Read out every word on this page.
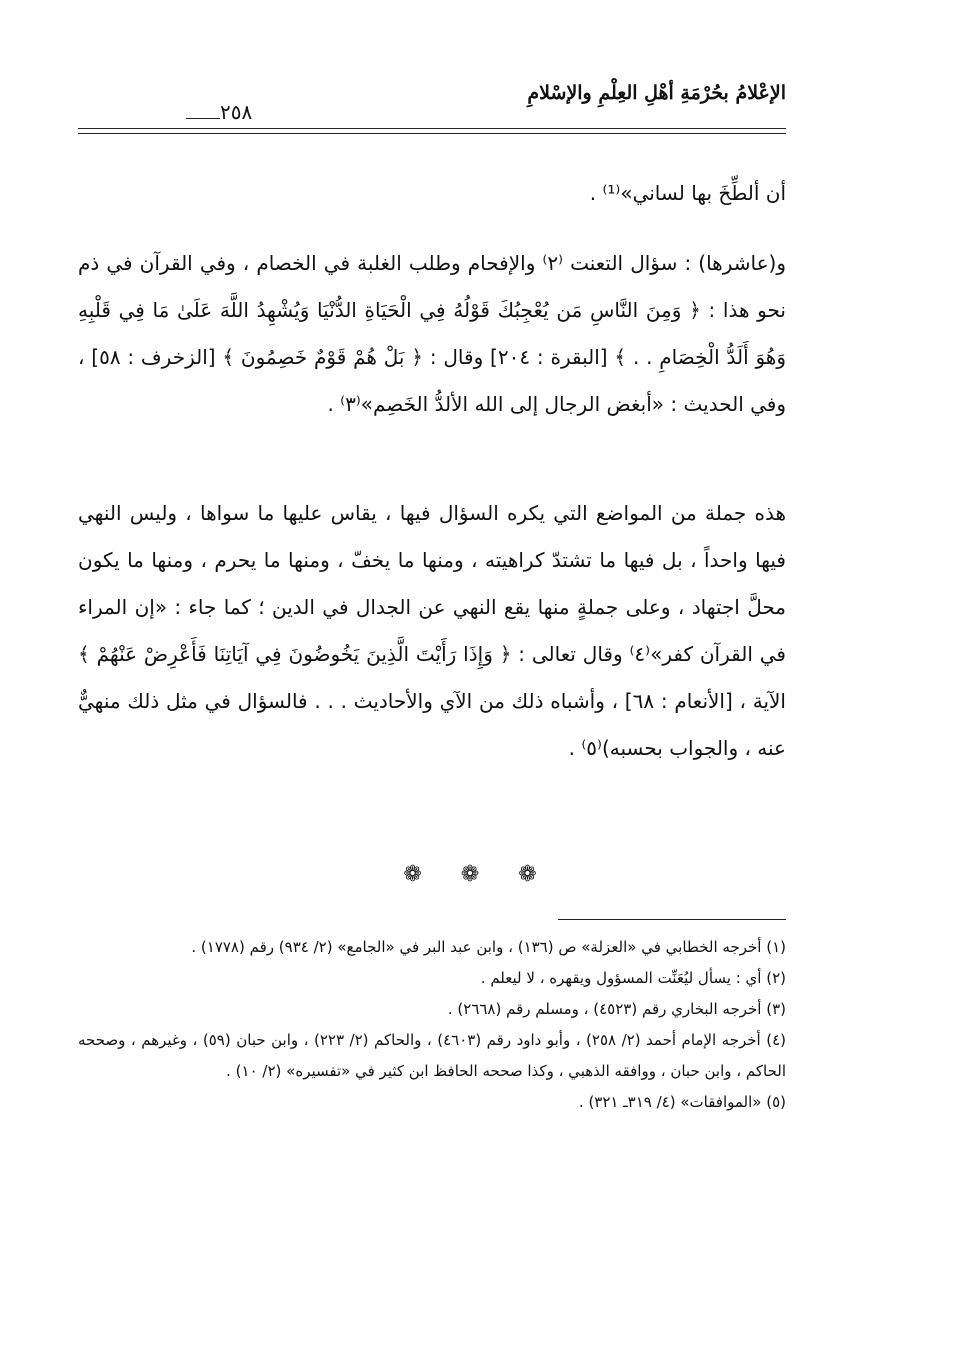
الإعْلامُ بحُرْمَةِ أهْلِ العِلْمِ والإسْلامِ
٢٥٨
أن ألطِّخَ بها لساني»⁽¹⁾ .
و(عاشرها) : سؤال التعنت ⁽٢⁾ والإفحام وطلب الغلبة في الخصام ، وفي القرآن في ذم نحو هذا : ﴿ وَمِنَ النَّاسِ مَن يُعْجِبُكَ قَوْلُهُ فِي الْحَيَاةِ الدُّنْيَا وَيُشْهِدُ اللَّهَ عَلَىٰ مَا فِي قَلْبِهِ وَهُوَ أَلَدُّ الْخِصَامِ . . ﴾ [البقرة : ٢٠٤] وقال : ﴿ بَلْ هُمْ قَوْمٌ خَصِمُونَ ﴾ [الزخرف : ٥٨] ، وفي الحديث : «أبغض الرجال إلى الله الألدُّ الخَصِم»⁽٣⁾ .
هذه جملة من المواضع التي يكره السؤال فيها ، يقاس عليها ما سواها ، وليس النهي فيها واحداً ، بل فيها ما تشتدّ كراهيته ، ومنها ما يخفّ ، ومنها ما يحرم ، ومنها ما يكون محلَّ اجتهاد ، وعلى جملةٍ منها يقع النهي عن الجدال في الدين ؛ كما جاء : «إن المراء في القرآن كفر»⁽٤⁾ وقال تعالى : ﴿ وَإِذَا رَأَيْتَ الَّذِينَ يَخُوضُونَ فِي آيَاتِنَا فَأَعْرِضْ عَنْهُمْ ﴾ الآية ، [الأنعام : ٦٨] ، وأشباه ذلك من الآي والأحاديث . . . فالسؤال في مثل ذلك منهيٌّ عنه ، والجواب بحسبه)⁽٥⁾ .
❁ ❁ ❁

(١) أخرجه الخطابي في «العزلة» ص (١٣٦) ، وابن عبد البر في «الجامع» (٢/ ٩٣٤) رقم (١٧٧٨) .

(٢) أي : يسأل ليُعَنِّت المسؤول ويقهره ، لا ليعلم .

(٣) أخرجه البخاري رقم (٤٥٢٣) ، ومسلم رقم (٢٦٦٨) .

(٤) أخرجه الإمام أحمد (٢/ ٢٥٨) ، وأبو داود رقم (٤٦٠٣) ، والحاكم (٢/ ٢٢٣) ، وابن حبان (٥٩) ، وغيرهم ، وصححه الحاكم ، وابن حبان ، ووافقه الذهبي ، وكذا صححه الحافظ ابن كثير في «تفسيره» (٢/ ١٠) .

(٥) «الموافقات» (٤/ ٣١٩ـ ٣٢١) .
